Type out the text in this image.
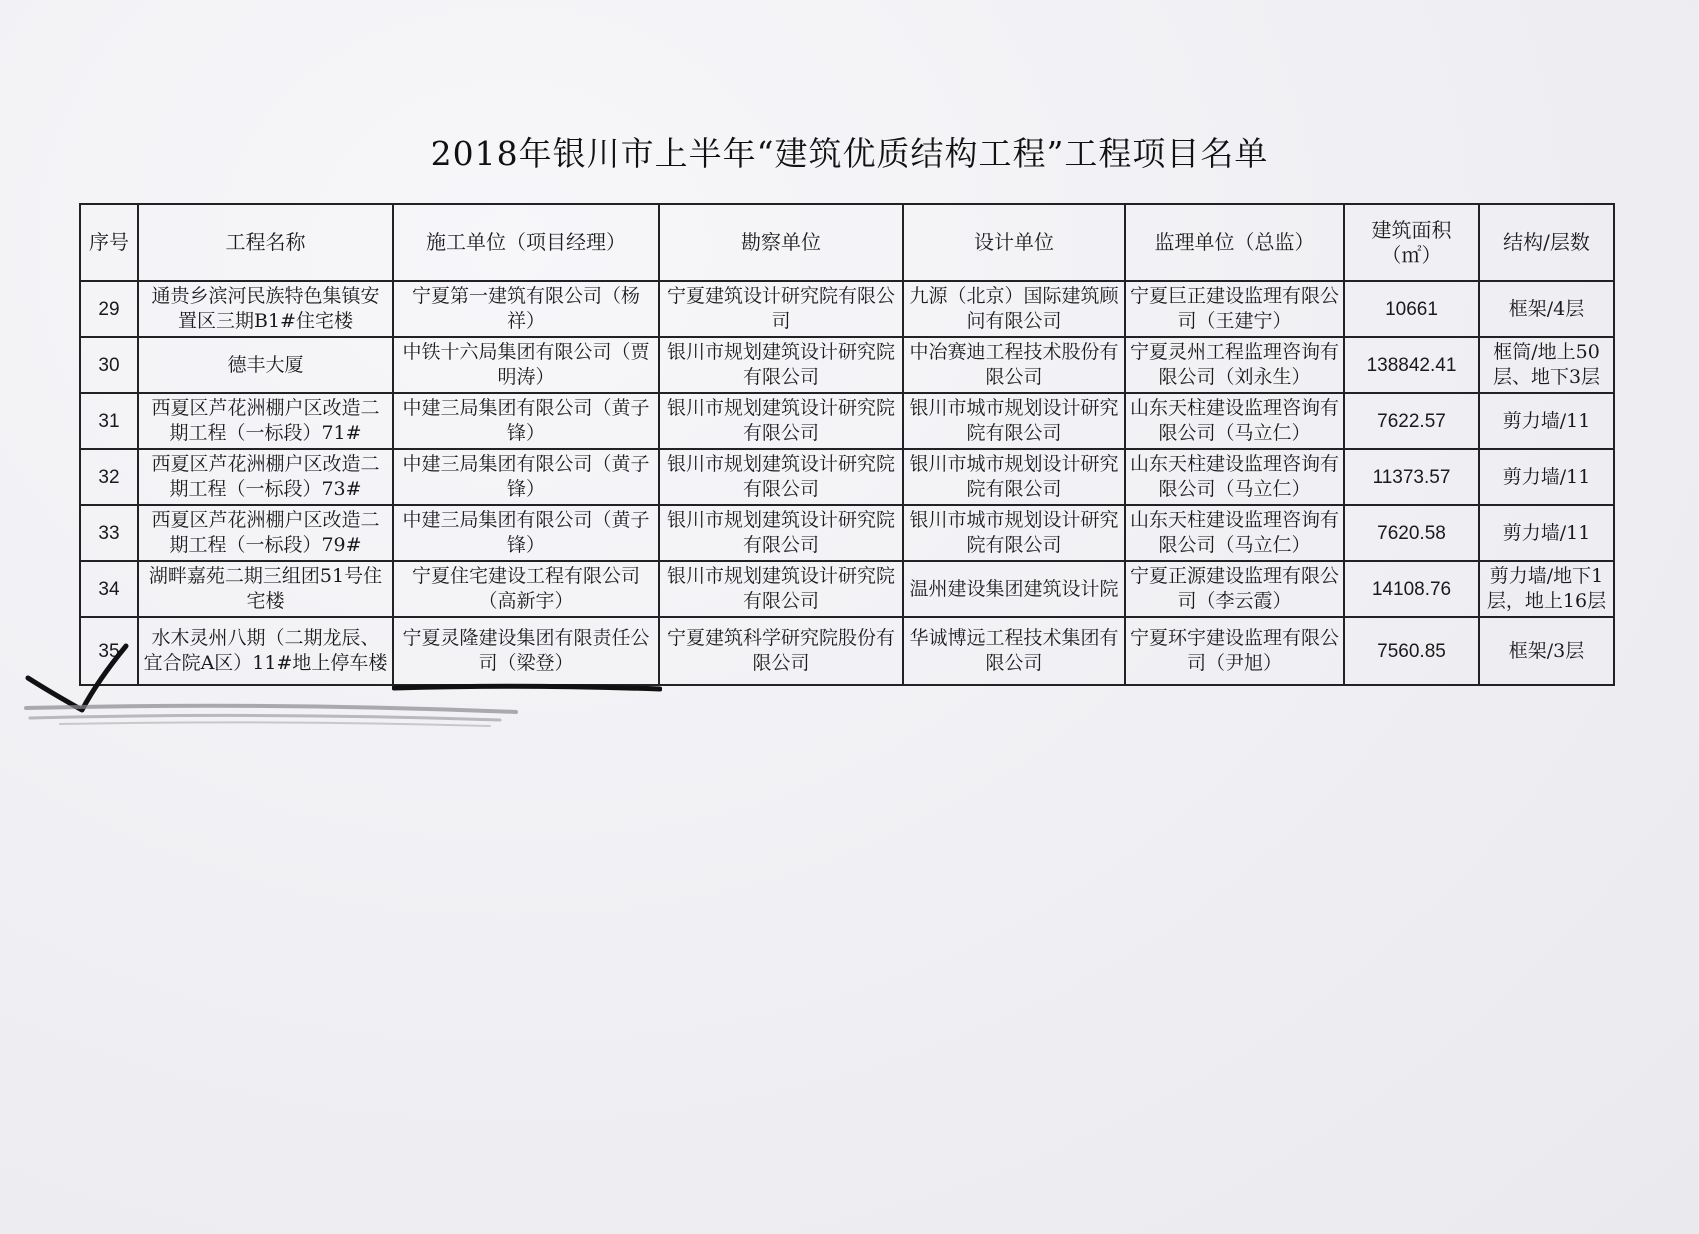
2018年银川市上半年“建筑优质结构工程”工程项目名单
序号	工程名称	施工单位（项目经理）	勘察单位	设计单位	监理单位（总监）	建筑面积（㎡）	结构/层数
29	通贵乡滨河民族特色集镇安置区三期B1#住宅楼	宁夏第一建筑有限公司（杨祥）	宁夏建筑设计研究院有限公司	九源（北京）国际建筑顾问有限公司	宁夏巨正建设监理有限公司（王建宁）	10661	框架/4层
30	德丰大厦	中铁十六局集团有限公司（贾明涛）	银川市规划建筑设计研究院有限公司	中冶赛迪工程技术股份有限公司	宁夏灵州工程监理咨询有限公司（刘永生）	138842.41	框筒/地上50层、地下3层
31	西夏区芦花洲棚户区改造二期工程（一标段）71#	中建三局集团有限公司（黄子锋）	银川市规划建筑设计研究院有限公司	银川市城市规划设计研究院有限公司	山东天柱建设监理咨询有限公司（马立仁）	7622.57	剪力墙/11
32	西夏区芦花洲棚户区改造二期工程（一标段）73#	中建三局集团有限公司（黄子锋）	银川市规划建筑设计研究院有限公司	银川市城市规划设计研究院有限公司	山东天柱建设监理咨询有限公司（马立仁）	11373.57	剪力墙/11
33	西夏区芦花洲棚户区改造二期工程（一标段）79#	中建三局集团有限公司（黄子锋）	银川市规划建筑设计研究院有限公司	银川市城市规划设计研究院有限公司	山东天柱建设监理咨询有限公司（马立仁）	7620.58	剪力墙/11
34	湖畔嘉苑二期三组团51号住宅楼	宁夏住宅建设工程有限公司（高新宇）	银川市规划建筑设计研究院有限公司	温州建设集团建筑设计院	宁夏正源建设监理有限公司（李云霞）	14108.76	剪力墙/地下1层，地上16层
35	水木灵州八期（二期龙辰、宜合院A区）11#地上停车楼	宁夏灵隆建设集团有限责任公司（梁登）	宁夏建筑科学研究院股份有限公司	华诚博远工程技术集团有限公司	宁夏环宇建设监理有限公司（尹旭）	7560.85	框架/3层
